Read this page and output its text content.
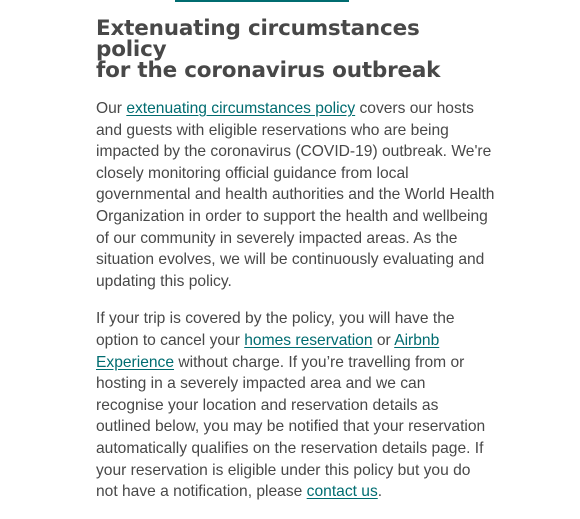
Extenuating circumstances policy
for the coronavirus outbreak

Our extenuating circumstances policy covers our hosts and guests with eligible reservations who are being impacted by the coronavirus (COVID-19) outbreak. We're closely monitoring official guidance from local governmental and health authorities and the World Health Organization in order to support the health and wellbeing of our community in severely impacted areas. As the situation evolves, we will be continuously evaluating and updating this policy.

If your trip is covered by the policy, you will have the option to cancel your homes reservation or Airbnb Experience without charge. If you’re travelling from or hosting in a severely impacted area and we can recognise your location and reservation details as outlined below, you may be notified that your reservation automatically qualifies on the reservation details page. If your reservation is eligible under this policy but you do not have a notification, please contact us.
